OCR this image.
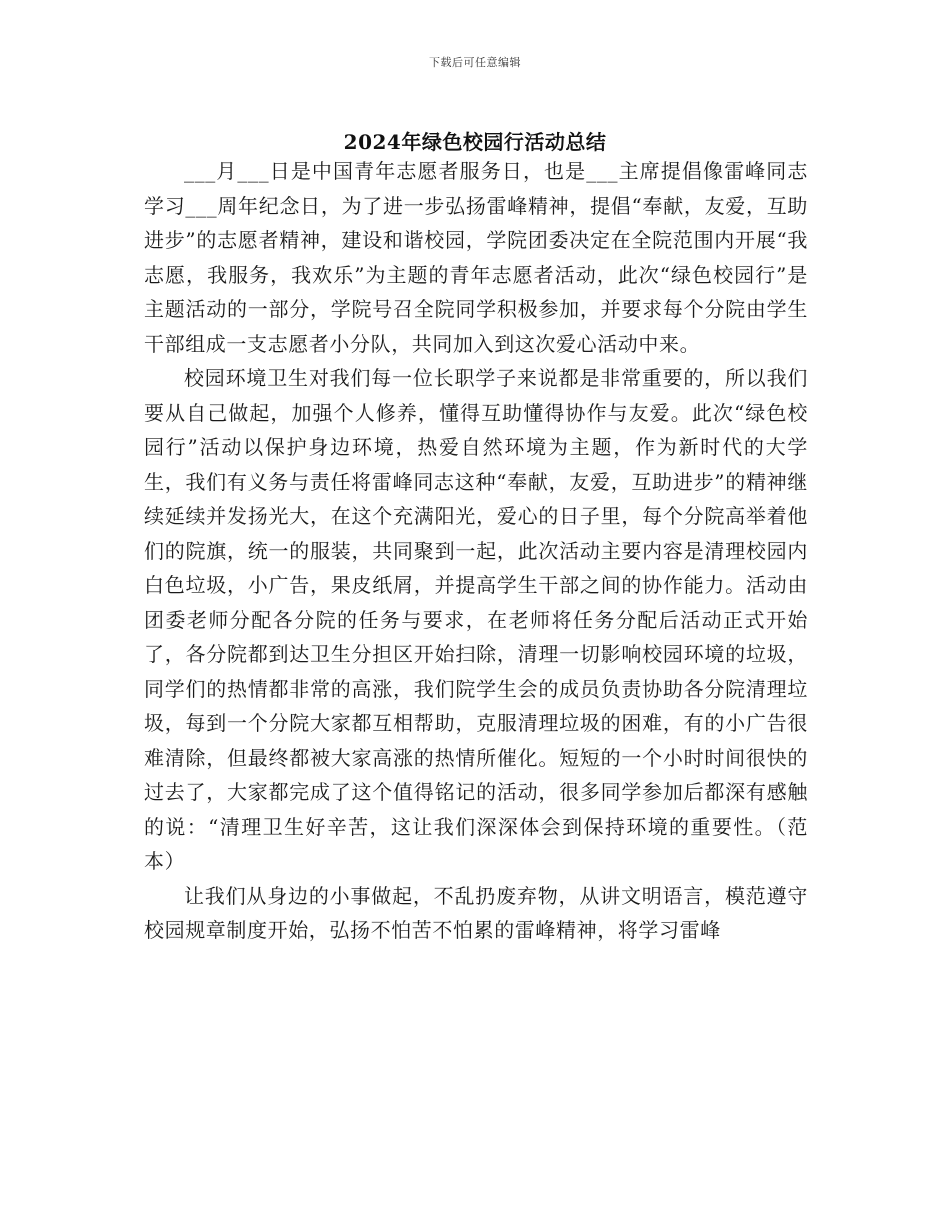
下载后可任意编辑
2024年绿色校园行活动总结

___月___日是中国青年志愿者服务日，也是___主席提倡像雷峰同志学习___周年纪念日，为了进一步弘扬雷峰精神，提倡“奉献，友爱，互助进步”的志愿者精神，建设和谐校园，学院团委决定在全院范围内开展“我志愿，我服务，我欢乐”为主题的青年志愿者活动，此次“绿色校园行”是主题活动的一部分，学院号召全院同学积极参加，并要求每个分院由学生干部组成一支志愿者小分队，共同加入到这次爱心活动中来。

校园环境卫生对我们每一位长职学子来说都是非常重要的，所以我们要从自己做起，加强个人修养，懂得互助懂得协作与友爱。此次“绿色校园行”活动以保护身边环境，热爱自然环境为主题，作为新时代的大学生，我们有义务与责任将雷峰同志这种“奉献，友爱，互助进步”的精神继续延续并发扬光大，在这个充满阳光，爱心的日子里，每个分院高举着他们的院旗，统一的服装，共同聚到一起，此次活动主要内容是清理校园内白色垃圾，小广告，果皮纸屑，并提高学生干部之间的协作能力。活动由团委老师分配各分院的任务与要求，在老师将任务分配后活动正式开始了，各分院都到达卫生分担区开始扫除，清理一切影响校园环境的垃圾，同学们的热情都非常的高涨，我们院学生会的成员负责协助各分院清理垃圾，每到一个分院大家都互相帮助，克服清理垃圾的困难，有的小广告很难清除，但最终都被大家高涨的热情所催化。短短的一个小时时间很快的过去了，大家都完成了这个值得铭记的活动，很多同学参加后都深有感触的说：“清理卫生好辛苦，这让我们深深体会到保持环境的重要性。（范本）

让我们从身边的小事做起，不乱扔废弃物，从讲文明语言，模范遵守校园规章制度开始，弘扬不怕苦不怕累的雷峰精神，将学习雷峰
